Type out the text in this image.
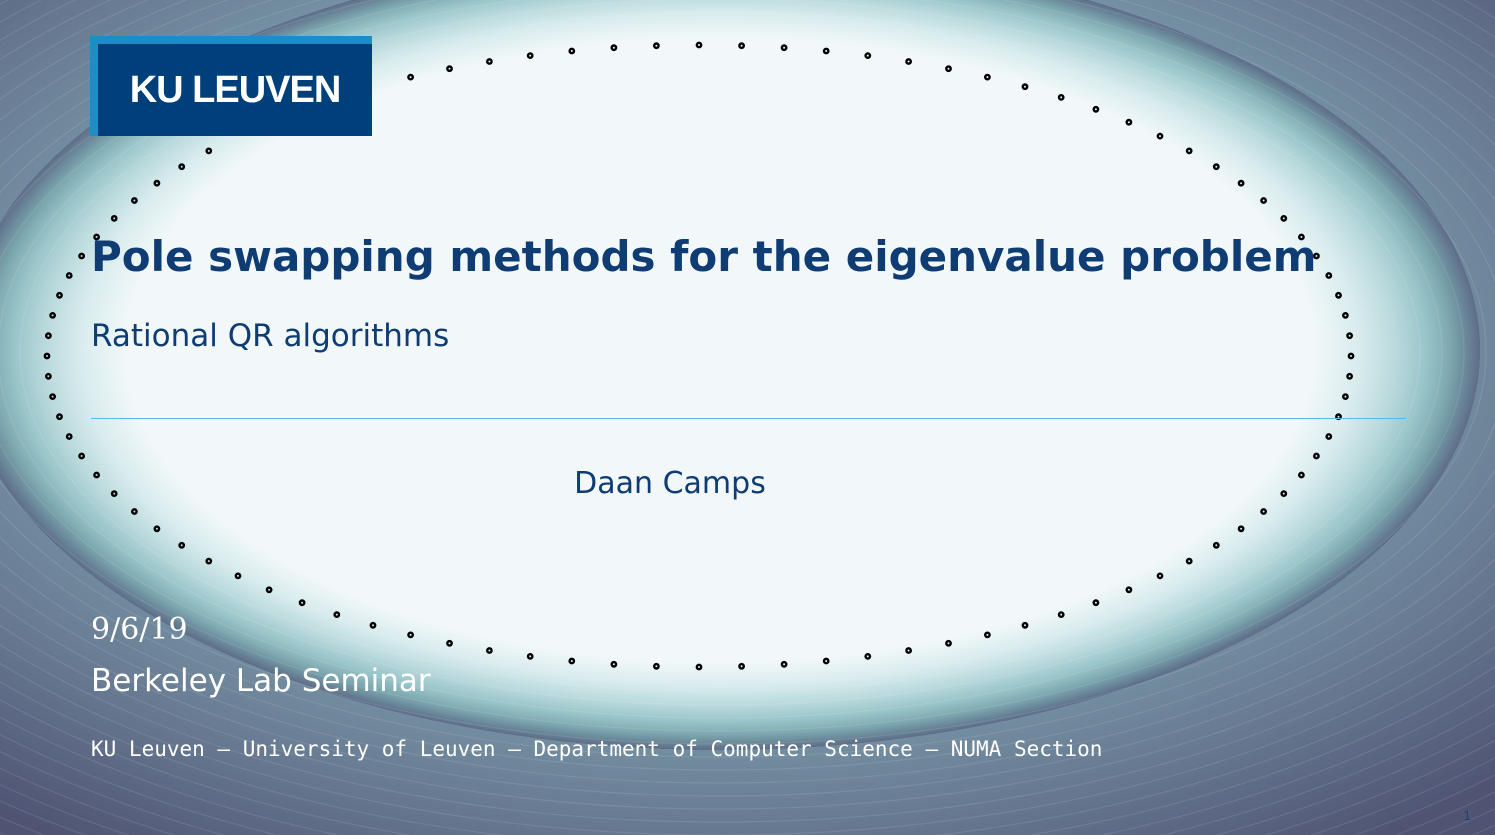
KU LEUVEN
Pole swapping methods for the eigenvalue problem
Rational QR algorithms
Daan Camps
9/6/19
Berkeley Lab Seminar
KU Leuven – University of Leuven – Department of Computer Science – NUMA Section
1
